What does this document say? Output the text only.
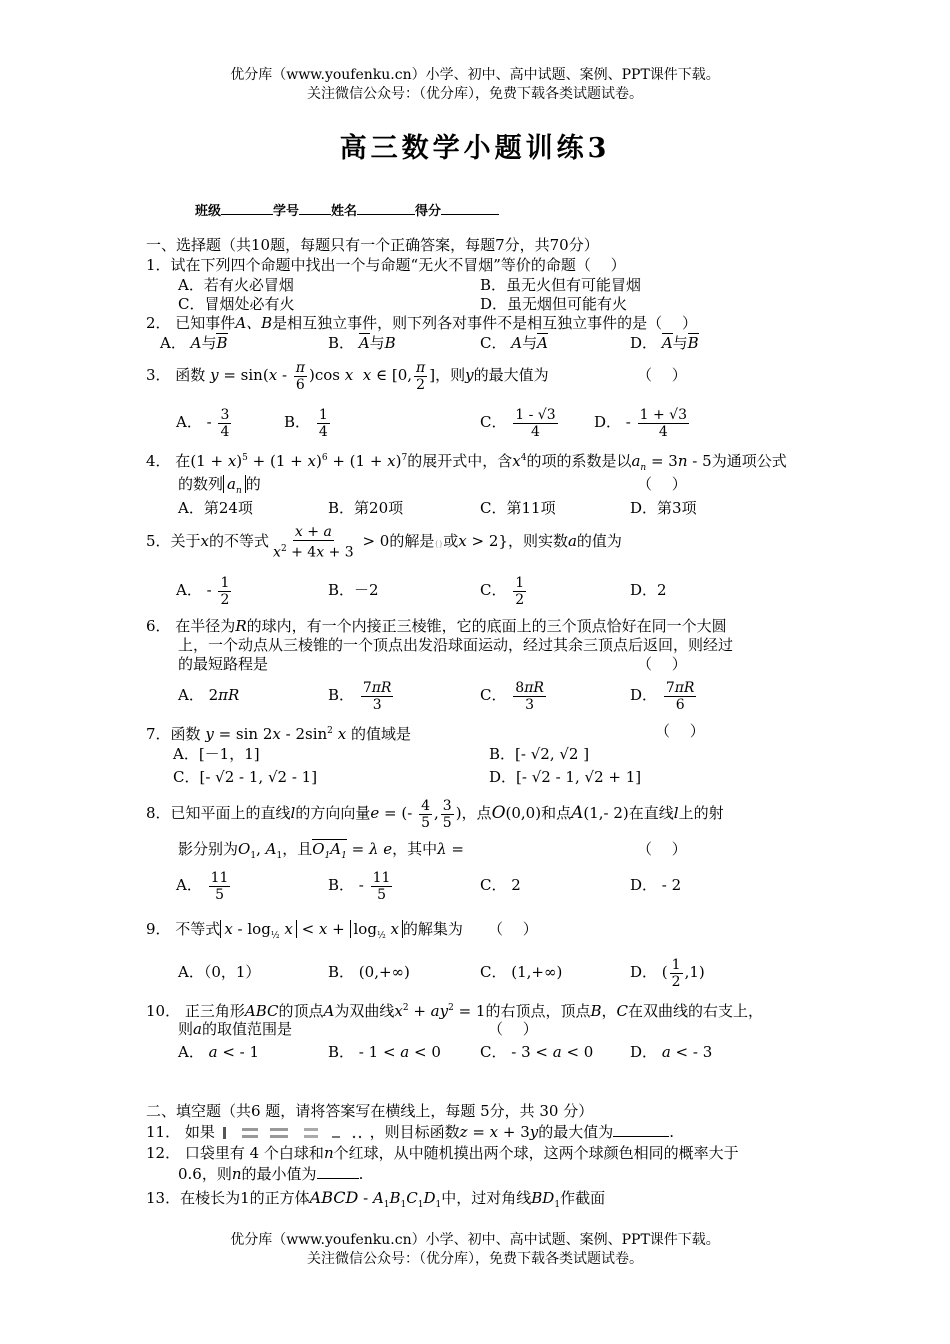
优分库（www.youfenku.cn）小学、初中、高中试题、案例、PPT课件下载。
关注微信公众号：（优分库），免费下载各类试题试卷。
高三数学小题训练3
班级	学号 姓名	得分
一、选择题（共10题，每题只有一个正确答案，每题7分，共70分）
1．试在下列四个命题中找出一个与命题“无火不冒烟”等价的命题（　 ）
A．若有火必冒烟	B．虽无火但有可能冒烟
C．冒烟处必有火	D．虽无烟但可能有火
2． 已知事件A、B是相互独立事件，则下列各对事件不是相互独立事件的是（　 ）
A． A与B	B． A与B	C． A与A	D． A与B
3． 函数 $y = \sin(x - \frac{\pi}{6} )\cos$ x x ∈ [0, $\frac{\pi}{2}$ ]，则y的最大值为	（　 ）
A． - $\frac{3}{4}$	B． $\frac{1}{4}$	C． $\frac{1 - √3}{4}$ D． - $\frac{1 + √3}{4}$
4． 在$(1 + x)^5 + (1 + x)^6 + (1 + x)^7$的展开式中，含$x^4$的项的系数是以$a_n = 3n - 5$为通项公式
的数列 $a_n$ 的	（　 ）
A．第24项	B．第20项	C．第11项	D．第3项
5．关于x的不等式 $\frac{x + a}{x^2 + 4x + 3} > 0$的解是{}或x > 2}，则实数a的值为
A． - $\frac{1}{2}$	B．－2	C． $\frac{1}{2}$	D．2
6． 在半径为R的球内，有一个内接正三棱锥，它的底面上的三个顶点恰好在同一个大圆
上，一个动点从三棱锥的一个顶点出发沿球面运动，经过其余三顶点后返回，则经过
的最短路程是	（　 ）
A． 2πR	B． $\frac{7\pi R}{3}$	C． $\frac{8\pi R}{3}$	D． $\frac{7\pi R}{6}$
7．函数 $y = \sin 2x - 2\sin^2$ x 的值域是	（　 ）
A．[－1，1]	B．[- √2, √2 ]
C．[- √2 - 1, √2 - 1]	D．[- √2 - 1, √2 + 1]
8．已知平面上的直线l的方向向量e = (- $\frac{4}{5}$ , $\frac{3}{5}$ )，点O(0,0)和点A(1,- 2)在直线l上的射
影分别为$O_1$, $A_1$，且$O_1A_1 = \lambda$ e，其中λ =	（　 ）
A． $\frac{11}{5}$	B． - $\frac{11}{5}$	C． 2	D． - 2
9． 不等式 $x - \log_{\frac{1}{2}} x < x + \log_{\frac{1}{2}} x$ 的解集为 （　 ）
A．（0，1）	B． (0,+∞)	C． (1,+∞)	D． ( $\frac{1}{2} ,1$)
10． 正三角形ABC的顶点A为双曲线$x^2 + ay^2 = 1$的右顶点，顶点B，C在双曲线的右支上，
则a的取值范围是	（　 ）
A． a < - 1	B． - 1 < a < 0	C． - 3 < a < 0 D． a < - 3
二、填空题（共6 题，请将答案写在横线上，每题 5分，共 30 分）
11． 如果	，则目标函数z = x + 3y的最大值为	.
12． 口袋里有 4 个白球和n个红球，从中随机摸出两个球，这两个球颜色相同的概率大于
0.6，则n的最小值为	.
13．在棱长为1的正方体ABCD - $A_1B_1C_1D_1$中，过对角线$BD_1$作截面
优分库（www.youfenku.cn）小学、初中、高中试题、案例、PPT课件下载。
关注微信公众号：（优分库），免费下载各类试题试卷。
